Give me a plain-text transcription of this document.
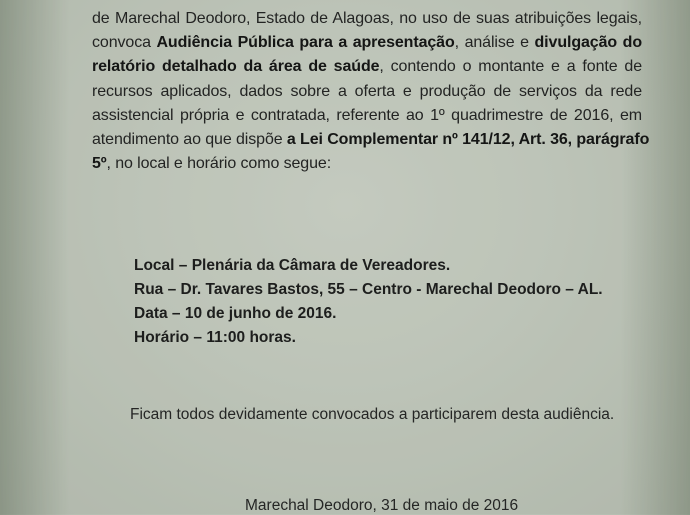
de Marechal Deodoro, Estado de Alagoas, no uso de suas atribuições legais,
convoca Audiência Pública para a apresentação, análise e divulgação do
relatório detalhado da área de saúde, contendo o montante e a fonte de
recursos aplicados, dados sobre a oferta e produção de serviços da rede
assistencial própria e contratada, referente ao 1º quadrimestre de 2016, em
atendimento ao que dispõe a Lei Complementar nº 141/12, Art. 36, parágrafo
5º, no local e horário como segue:
Local – Plenária da Câmara de Vereadores.
Rua – Dr. Tavares Bastos, 55 – Centro - Marechal Deodoro – AL.
Data – 10 de junho de 2016.
Horário – 11:00 horas.
Ficam todos devidamente convocados a participarem desta audiência.
Marechal Deodoro, 31 de maio de 2016
